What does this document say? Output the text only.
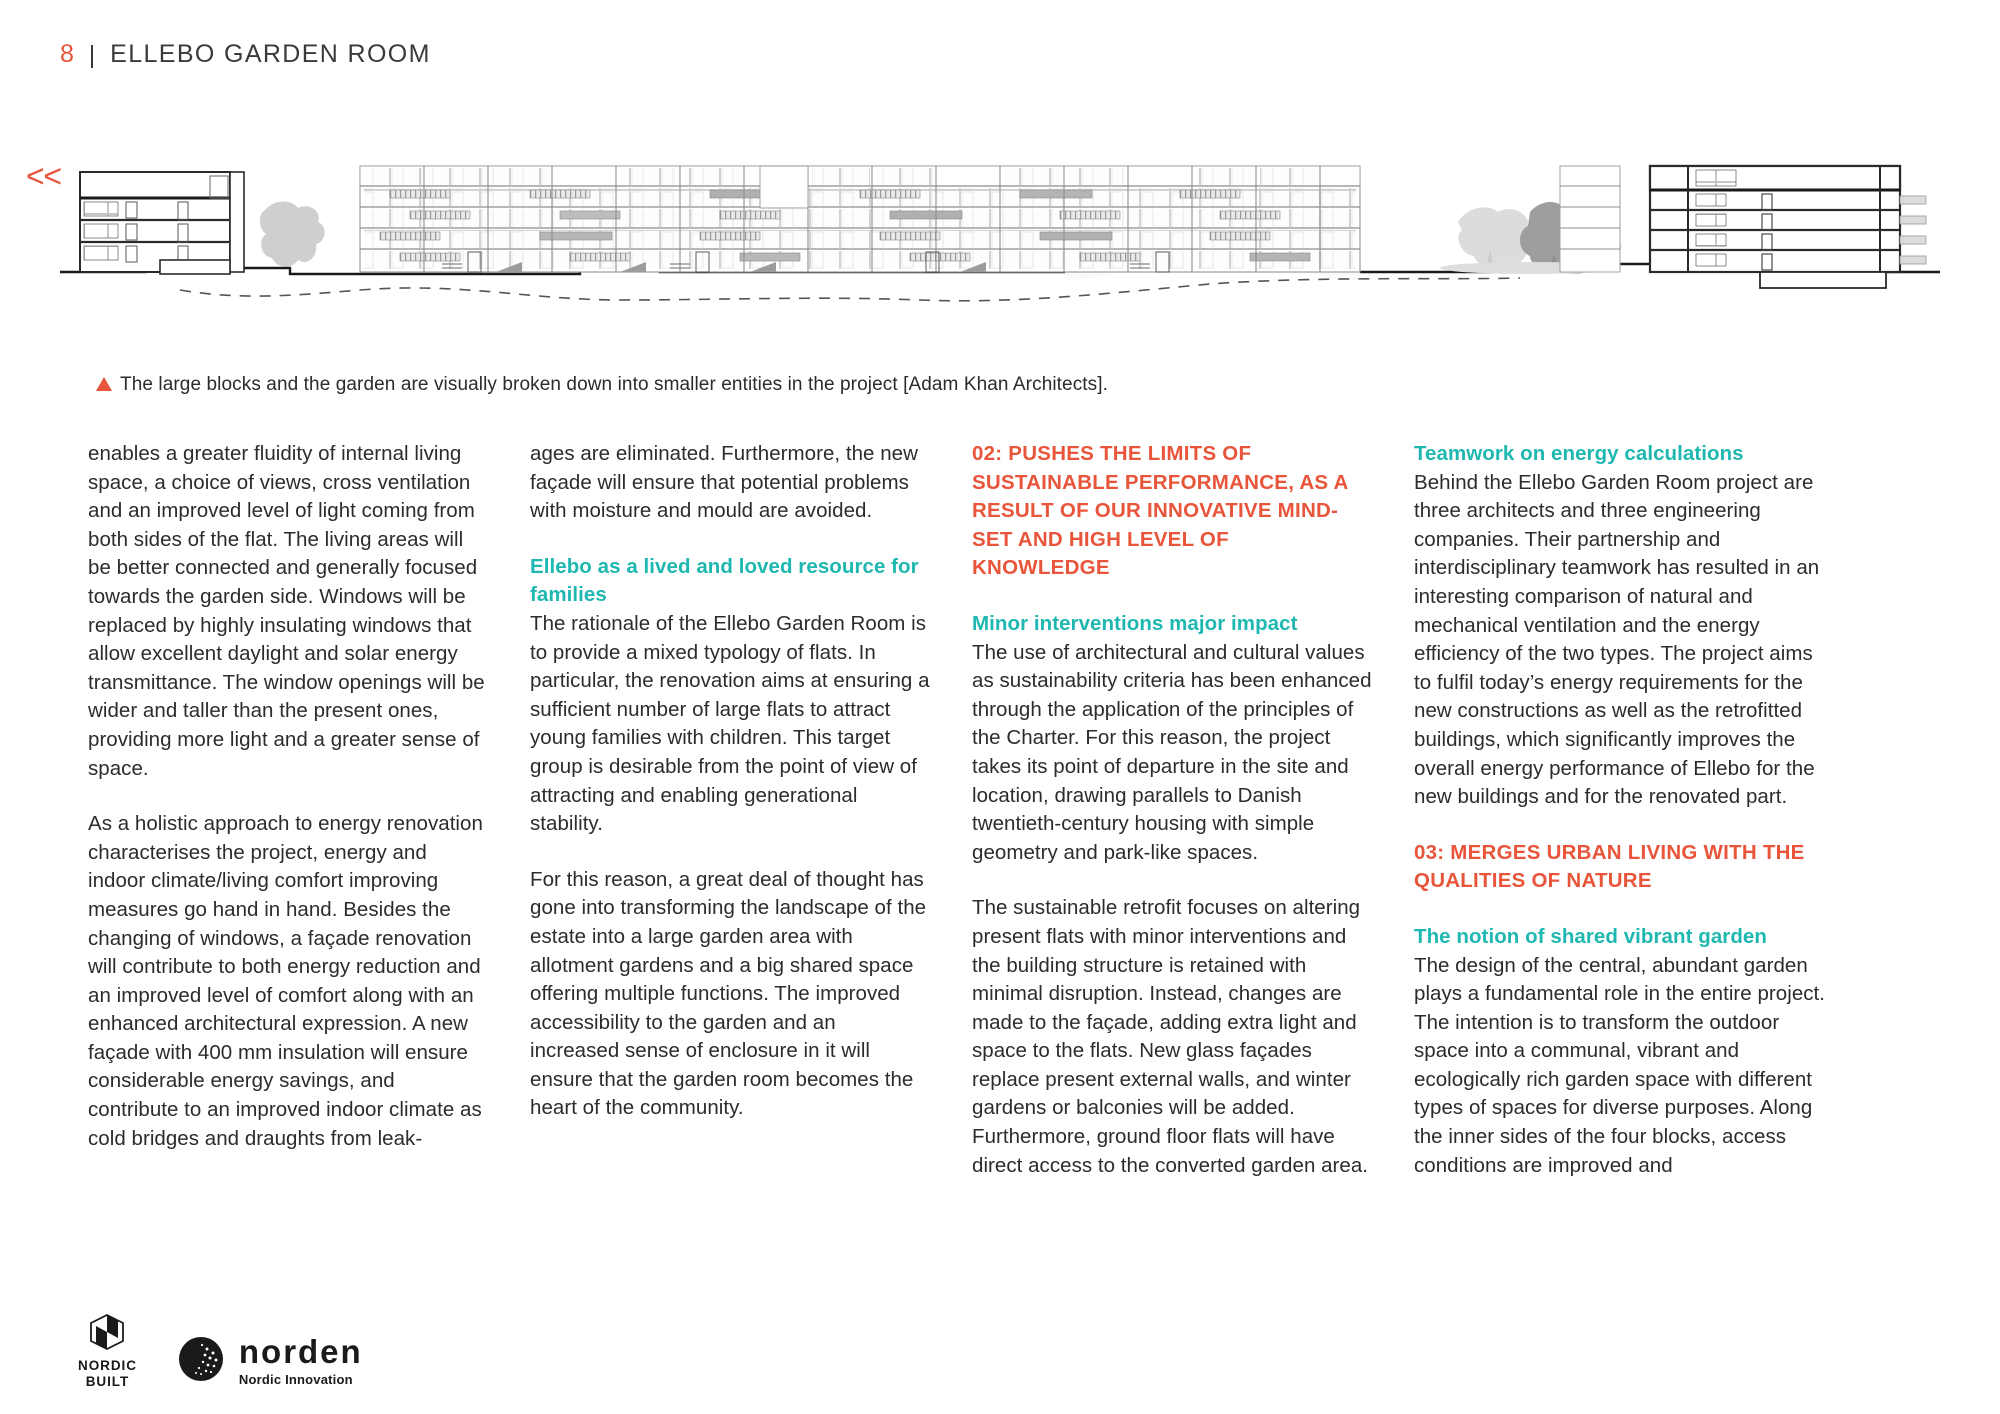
8 | ELLEBO GARDEN ROOM
<<
The large blocks and the garden are visually broken down into smaller entities in the project [Adam Khan Architects].

enables a greater fluidity of internal living space, a choice of views, cross ventilation and an improved level of light coming from both sides of the flat. The living areas will be better connected and generally focused towards the garden side. Windows will be replaced by highly insulating windows that allow excellent daylight and solar energy transmittance. The window openings will be wider and taller than the present ones, providing more light and a greater sense of space.

As a holistic approach to energy renovation characterises the project, energy and indoor climate/living comfort improving measures go hand in hand. Besides the changing of windows, a façade renovation will contribute to both energy reduction and an improved level of comfort along with an enhanced architectural expression. A new façade with 400 mm insulation will ensure considerable energy savings, and contribute to an improved indoor climate as cold bridges and draughts from leak-

ages are eliminated. Furthermore, the new façade will ensure that potential problems with moisture and mould are avoided.

Ellebo as a lived and loved resource for families

The rationale of the Ellebo Garden Room is to provide a mixed typology of flats. In particular, the renovation aims at ensuring a sufficient number of large flats to attract young families with children. This target group is desirable from the point of view of attracting and enabling generational stability.

For this reason, a great deal of thought has gone into transforming the landscape of the estate into a large garden area with allotment gardens and a big shared space offering multiple functions. The improved accessibility to the garden and an increased sense of enclosure in it will ensure that the garden room becomes the heart of the community.

02: PUSHES THE LIMITS OF SUSTAINABLE PERFORMANCE, AS A RESULT OF OUR INNOVATIVE MIND-SET AND HIGH LEVEL OF KNOWLEDGE
Minor interventions major impact

The use of architectural and cultural values as sustainability criteria has been enhanced through the application of the principles of the Charter. For this reason, the project takes its point of departure in the site and location, drawing parallels to Danish twentieth-century housing with simple geometry and park-like spaces.

The sustainable retrofit focuses on altering present flats with minor interventions and the building structure is retained with minimal disruption. Instead, changes are made to the façade, adding extra light and space to the flats. New glass façades replace present external walls, and winter gardens or balconies will be added. Furthermore, ground floor flats will have direct access to the converted garden area.

Teamwork on energy calculations

Behind the Ellebo Garden Room project are three architects and three engineering companies. Their partnership and interdisciplinary teamwork has resulted in an interesting comparison of natural and mechanical ventilation and the energy efficiency of the two types. The project aims to fulfil today’s energy requirements for the new constructions as well as the retrofitted buildings, which significantly improves the overall energy performance of Ellebo for the new buildings and for the renovated part.

03: MERGES URBAN LIVING WITH THE QUALITIES OF NATURE
The notion of shared vibrant garden

The design of the central, abundant garden plays a fundamental role in the entire project. The intention is to transform the outdoor space into a communal, vibrant and ecologically rich garden space with different types of spaces for diverse purposes. Along the inner sides of the four blocks, access conditions are improved and

NORDIC
BUILT
norden
Nordic Innovation
